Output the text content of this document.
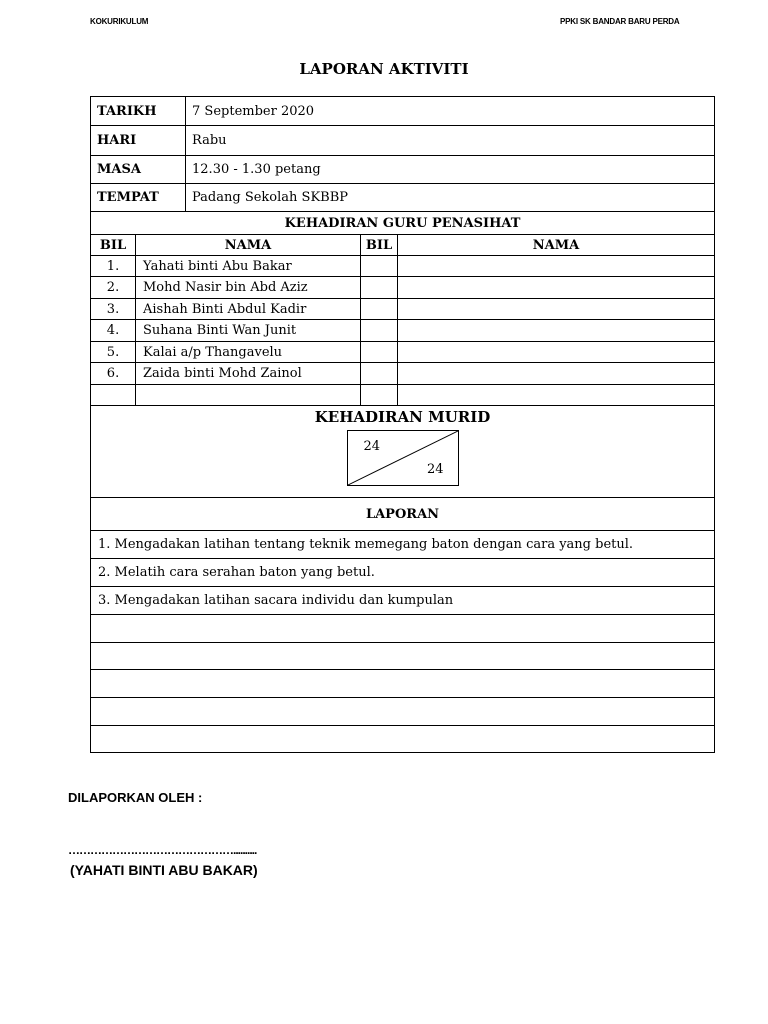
KOKURIKULUM	PPKI SK BANDAR BARU PERDA
LAPORAN AKTIVITI
TARIKH		7 September 2020		
HARI		Rabu		
MASA		12.30 - 1.30 petang		
TEMPAT		Padang Sekolah SKBBP		
KEHADIRAN GURU PENASIHAT				
BIL	NAMA		BIL	NAMA
1.	Yahati binti Abu Bakar			
2.	Mohd Nasir bin Abd Aziz			
3.	Aishah Binti Abdul Kadir			
4.	Suhana Binti Wan Junit			
5.	Kalai a/p Thangavelu			
6.	Zaida binti Mohd Zainol			

KEHADIRAN MURID
24
24				

LAPORAN				
1. Mengadakan latihan tentang teknik memegang baton dengan cara yang betul.				
2. Melatih cara serahan baton yang betul.				
3. Mengadakan latihan sacara individu dan kumpulan				

DILAPORKAN OLEH :
………………………………………..........
(YAHATI BINTI ABU BAKAR)
